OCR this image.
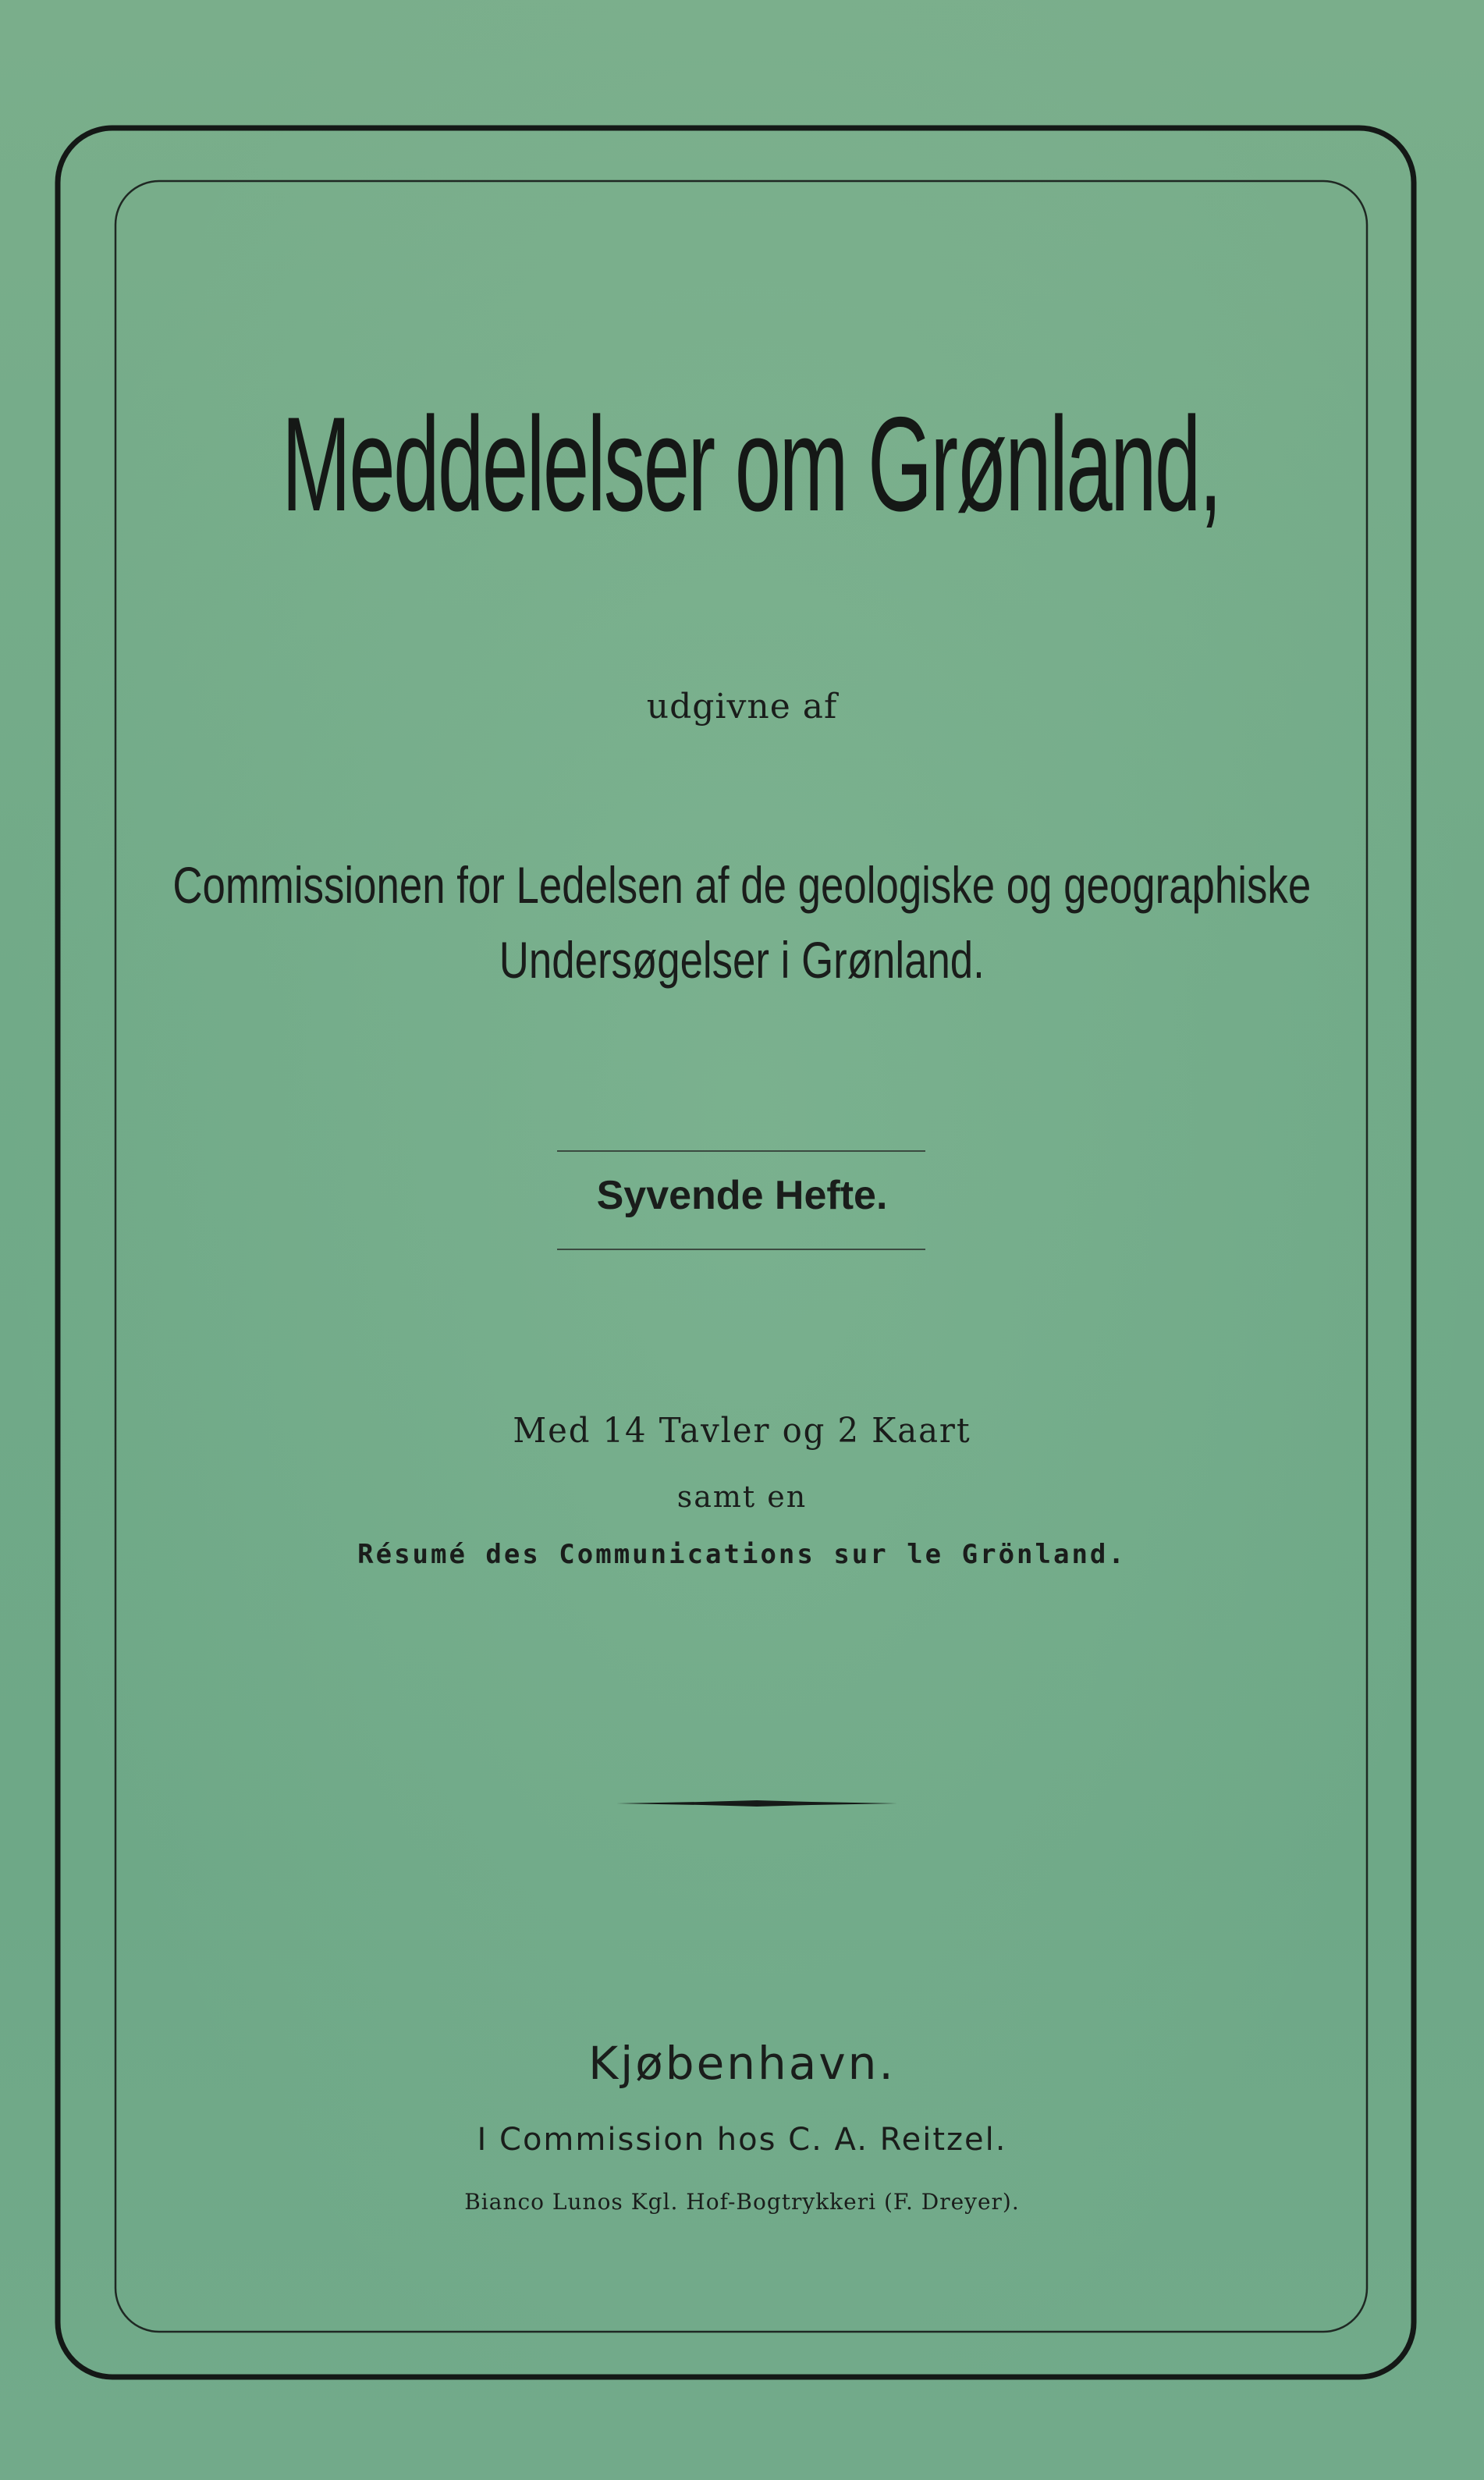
Meddelelser om Grønland,
udgivne af
Commissionen for Ledelsen af de geologiske og geographiske
Undersøgelser i Grønland.
Syvende Hefte.
Med 14 Tavler og 2 Kaart
samt en
Résumé des Communications sur le Grönland.
Kjøbenhavn.
I Commission hos C. A. Reitzel.
Bianco Lunos Kgl. Hof-Bogtrykkeri (F. Dreyer).
